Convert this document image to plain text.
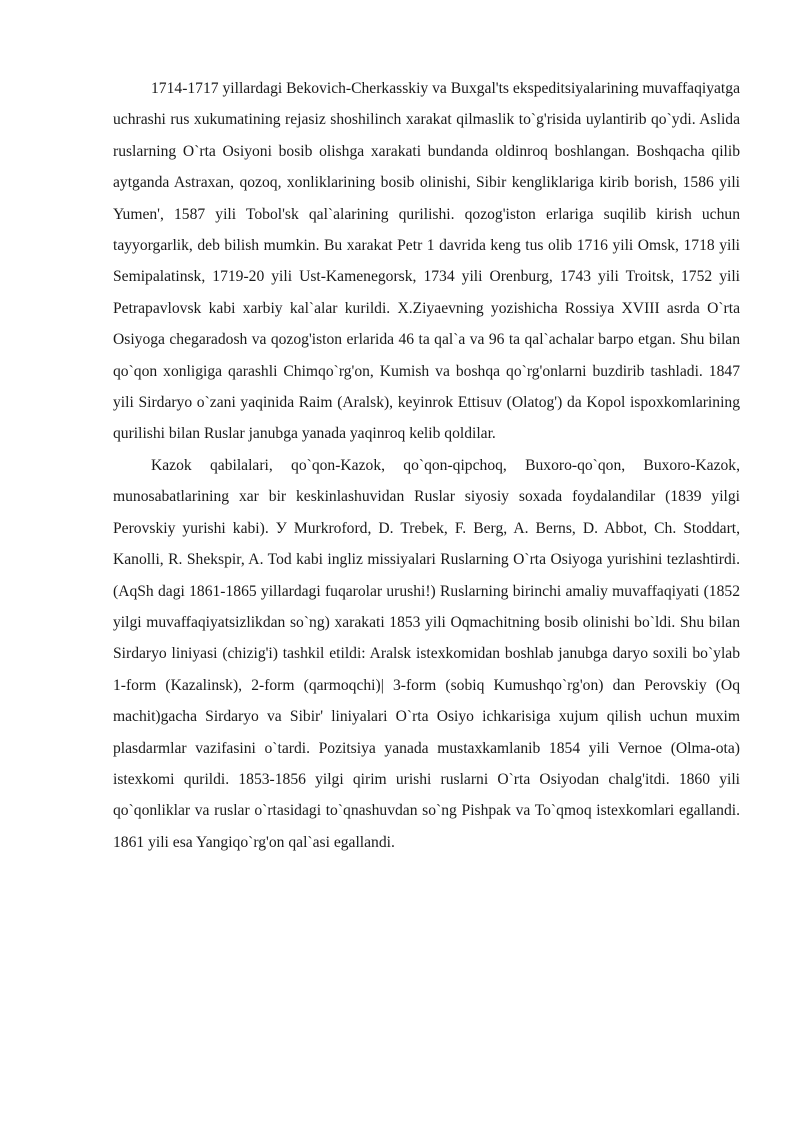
1714-1717 yillardagi Bekovich-Cherkasskiy va Buxgal'ts ekspeditsiyalarining muvaffaqiyatga uchrashi rus xukumatining rejasiz shoshilinch xarakat qilmaslik to`g'risida uylantirib qo`ydi. Aslida ruslarning O`rta Osiyoni bosib olishga xarakati bundanda oldinroq boshlangan. Boshqacha qilib aytganda Astraxan, qozoq, xonliklarining bosib olinishi, Sibir kengliklariga kirib borish, 1586 yili Yumen', 1587 yili Tobol'sk qal`alarining qurilishi. qozog'iston erlariga suqilib kirish uchun tayyorgarlik, deb bilish mumkin. Bu xarakat Petr 1 davrida keng tus olib 1716 yili Omsk, 1718 yili Semipalatinsk, 1719-20 yili Ust-Kamenegorsk, 1734 yili Orenburg, 1743 yili Troitsk, 1752 yili Petrapavlovsk kabi xarbiy kal`alar kurildi. X.Ziyaevning yozishicha Rossiya XVIII asrda O`rta Osiyoga chegaradosh va qozog'iston erlarida 46 ta qal`a va 96 ta qal`achalar barpo etgan. Shu bilan qo`qon xonligiga qarashli Chimqo`rg'on, Kumish va boshqa qo`rg'onlarni buzdirib tashladi. 1847 yili Sirdaryo o`zani yaqinida Raim (Aralsk), keyinrok Ettisuv (Olatog') da Kopol ispoxkomlarining qurilishi bilan Ruslar janubga yanada yaqinroq kelib qoldilar.

Kazok qabilalari, qo`qon-Kazok, qo`qon-qipchoq, Buxoro-qo`qon, Buxoro-Kazok, munosabatlarining xar bir keskinlashuvidan Ruslar siyosiy soxada foydalandilar (1839 yilgi Perovskiy yurishi kabi). У Murkroford, D. Trebek, F. Berg, A. Berns, D. Abbot, Ch. Stoddart, Kanolli, R. Shekspir, A. Tod kabi ingliz missiyalari Ruslarning O`rta Osiyoga yurishini tezlashtirdi. (AqSh dagi 1861-1865 yillardagi fuqarolar urushi!) Ruslarning birinchi amaliy muvaffaqiyati (1852 yilgi muvaffaqiyatsizlikdan so`ng) xarakati 1853 yili Oqmachitning bosib olinishi bo`ldi. Shu bilan Sirdaryo liniyasi (chizig'i) tashkil etildi: Aralsk istexkomidan boshlab janubga daryo soxili bo`ylab 1-form (Kazalinsk), 2-form (qarmoqchi)| 3-form (sobiq Kumushqo`rg'on) dan Perovskiy (Oq machit)gacha Sirdaryo va Sibir' liniyalari O`rta Osiyo ichkarisiga xujum qilish uchun muxim plasdarmlar vazifasini o`tardi. Pozitsiya yanada mustaxkamlanib 1854 yili Vernoe (Olma-ota) istexkomi qurildi. 1853-1856 yilgi qirim urishi ruslarni O`rta Osiyodan chalg'itdi. 1860 yili qo`qonliklar va ruslar o`rtasidagi to`qnashuvdan so`ng Pishpak va To`qmoq istexkomlari egallandi. 1861 yili esa Yangiqo`rg'on qal`asi egallandi.
